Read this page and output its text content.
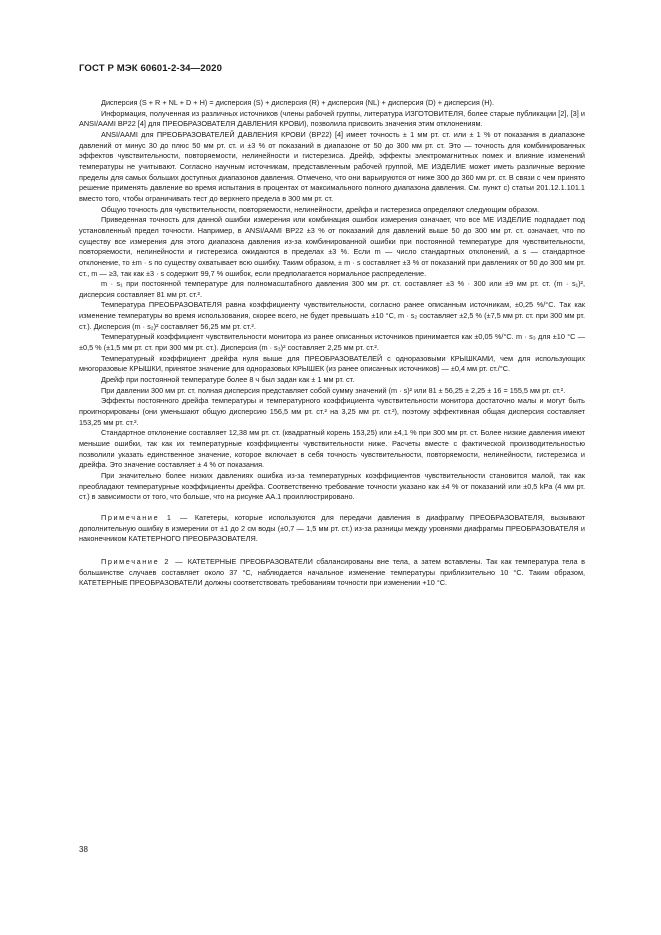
ГОСТ Р МЭК 60601-2-34—2020

Дисперсия (S + R + NL + D + H) = дисперсия (S) + дисперсия (R) + дисперсия (NL) + дисперсия (D) + дисперсия (H).

Информация, полученная из различных источников (члены рабочей группы, литература ИЗГОТОВИТЕЛЯ, более старые публикации [2], [3] и ANSI/AAMI BP22 [4] для ПРЕОБРАЗОВАТЕЛЯ ДАВЛЕНИЯ КРОВИ), позволила присвоить значения этим отклонениям.

ANSI/AAMI для ПРЕОБРАЗОВАТЕЛЕЙ ДАВЛЕНИЯ КРОВИ (BP22) [4] имеет точность ± 1 мм рт. ст. или ± 1 % от показания в диапазоне давлений от минус 30 до плюс 50 мм рт. ст. и ±3 % от показаний в диапазоне от 50 до 300 мм рт. ст. Это — точность для комбинированных эффектов чувствительности, повторяемости, нелинейности и гистерезиса. Дрейф, эффекты электромагнитных помех и влияние изменений температуры не учитывают. Согласно научным источникам, представленным рабочей группой, МЕ ИЗДЕЛИЕ может иметь различные верхние пределы для самых больших доступных диапазонов давления. Отмечено, что они варьируются от ниже 300 до 360 мм рт. ст. В связи с чем принято решение применять давление во время испытания в процентах от максимального полного диапазона давления. См. пункт с) статьи 201.12.1.101.1 вместо того, чтобы ограничивать тест до верхнего предела в 300 мм рт. ст.

Общую точность для чувствительности, повторяемости, нелинейности, дрейфа и гистерезиса определяют следующим образом.

Приведенная точность для данной ошибки измерения или комбинация ошибок измерения означает, что все МЕ ИЗДЕЛИЕ подпадает под установленный предел точности. Например, в ANSI/AAMI BP22 ±3 % от показаний для давлений выше 50 до 300 мм рт. ст. означает, что по существу все измерения для этого диапазона давления из-за комбинированной ошибки при постоянной температуре для чувствительности, повторяемости, нелинейности и гистерезиса ожидаются в пределах ±3 %. Если m — число стандартных отклонений, а s — стандартное отклонение, то ±m · s по существу охватывает всю ошибку. Таким образом, ± m · s составляет ±3 % от показаний при давлениях от 50 до 300 мм рт. ст., m — ≥3, так как ±3 · s содержит 99,7 % ошибок, если предполагается нормальное распределение.

m · s₁ при постоянной температуре для полномасштабного давления 300 мм рт. ст. составляет ±3 % · 300 или ±9 мм рт. ст. (m · s₁)², дисперсия составляет 81 мм рт. ст.².

Температура ПРЕОБРАЗОВАТЕЛЯ равна коэффициенту чувствительности, согласно ранее описанным источникам, ±0,25 %/°С. Так как изменение температуры во время использования, скорее всего, не будет превышать ±10 °С, m · s₂ составляет ±2,5 % (±7,5 мм рт. ст. при 300 мм рт. ст.). Дисперсия (m · s₂)² составляет 56,25 мм рт. ст.².

Температурный коэффициент чувствительности монитора из ранее описанных источников принимается как ±0,05 %/°С. m · s₃ для ±10 °С — ±0,5 % (±1,5 мм рт. ст. при 300 мм рт. ст.). Дисперсия (m · s₃)² составляет 2,25 мм рт. ст.².

Температурный коэффициент дрейфа нуля выше для ПРЕОБРАЗОВАТЕЛЕЙ с одноразовыми КРЫШКАМИ, чем для использующих многоразовые КРЫШКИ, принятое значение для одноразовых КРЫШЕК (из ранее описанных источников) — ±0,4 мм рт. ст./°С.

Дрейф при постоянной температуре более 8 ч был задан как ± 1 мм рт. ст.

При давлении 300 мм рт. ст. полная дисперсия представляет собой сумму значений (m · s)² или 81 ± 56,25 ± 2,25 ± 16 = 155,5 мм рт. ст.².

Эффекты постоянного дрейфа температуры и температурного коэффициента чувствительности монитора достаточно малы и могут быть проигнорированы (они уменьшают общую дисперсию 156,5 мм рт. ст.² на 3,25 мм рт. ст.²), поэтому эффективная общая дисперсия составляет 153,25 мм рт. ст.².

Стандартное отклонение составляет 12,38 мм рт. ст. (квадратный корень 153,25) или ±4,1 % при 300 мм рт. ст. Более низкие давления имеют меньшие ошибки, так как их температурные коэффициенты чувствительности ниже. Расчеты вместе с фактической производительностью позволили указать единственное значение, которое включает в себя точность чувствительности, повторяемости, нелинейности, гистерезиса и дрейфа. Это значение составляет ± 4 % от показания.

При значительно более низких давлениях ошибка из-за температурных коэффициентов чувствительности становится малой, так как преобладают температурные коэффициенты дрейфа. Соответственно требование точности указано как ±4 % от показаний или ±0,5 kPa (4 мм рт. ст.) в зависимости от того, что больше, что на рисунке АА.1 проиллюстрировано.

Примечание 1 — Катетеры, которые используются для передачи давления в диафрагму ПРЕОБРАЗОВАТЕЛЯ, вызывают дополнительную ошибку в измерении от ±1 до 2 см воды (±0,7 — 1,5 мм рт. ст.) из-за разницы между уровнями диафрагмы ПРЕОБРАЗОВАТЕЛЯ и наконечником КАТЕТЕРНОГО ПРЕОБРАЗОВАТЕЛЯ.

Примечание 2 — КАТЕТЕРНЫЕ ПРЕОБРАЗОВАТЕЛИ сбалансированы вне тела, а затем вставлены. Так как температура тела в большинстве случаев составляет около 37 °С, наблюдается начальное изменение температуры приблизительно 10 °С. Таким образом, КАТЕТЕРНЫЕ ПРЕОБРАЗОВАТЕЛИ должны соответствовать требованиям точности при изменении +10 °С.

38
